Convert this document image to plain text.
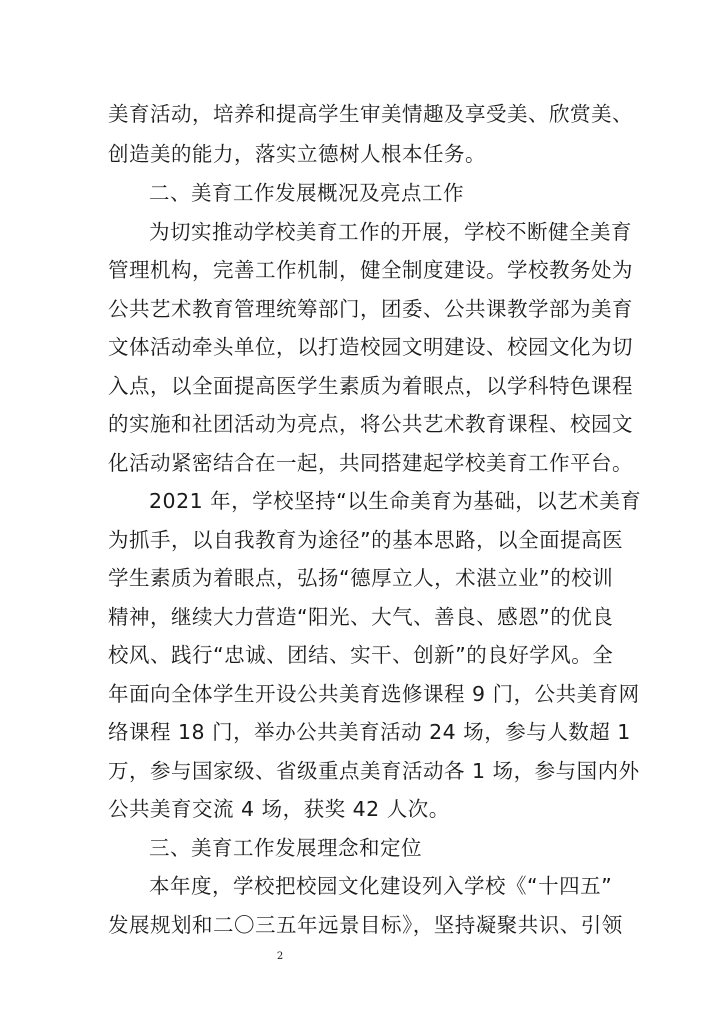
美育活动，培养和提高学生审美情趣及享受美、欣赏美、
创造美的能力，落实立德树人根本任务。
二、美育工作发展概况及亮点工作
为切实推动学校美育工作的开展，学校不断健全美育
管理机构，完善工作机制，健全制度建设。学校教务处为
公共艺术教育管理统筹部门，团委、公共课教学部为美育
文体活动牵头单位，以打造校园文明建设、校园文化为切
入点，以全面提高医学生素质为着眼点，以学科特色课程
的实施和社团活动为亮点，将公共艺术教育课程、校园文
化活动紧密结合在一起，共同搭建起学校美育工作平台。
2021 年，学校坚持“以生命美育为基础，以艺术美育
为抓手，以自我教育为途径”的基本思路，以全面提高医
学生素质为着眼点，弘扬“德厚立人，术湛立业”的校训
精神，继续大力营造“阳光、大气、善良、感恩”的优良
校风、践行“忠诚、团结、实干、创新”的良好学风。全
年面向全体学生开设公共美育选修课程 9 门，公共美育网
络课程 18 门，举办公共美育活动 24 场，参与人数超 1
万，参与国家级、省级重点美育活动各 1 场，参与国内外
公共美育交流 4 场，获奖 42 人次。
三、美育工作发展理念和定位
本年度，学校把校园文化建设列入学校《“十四五”
发展规划和二〇三五年远景目标》，坚持凝聚共识、引领
2
